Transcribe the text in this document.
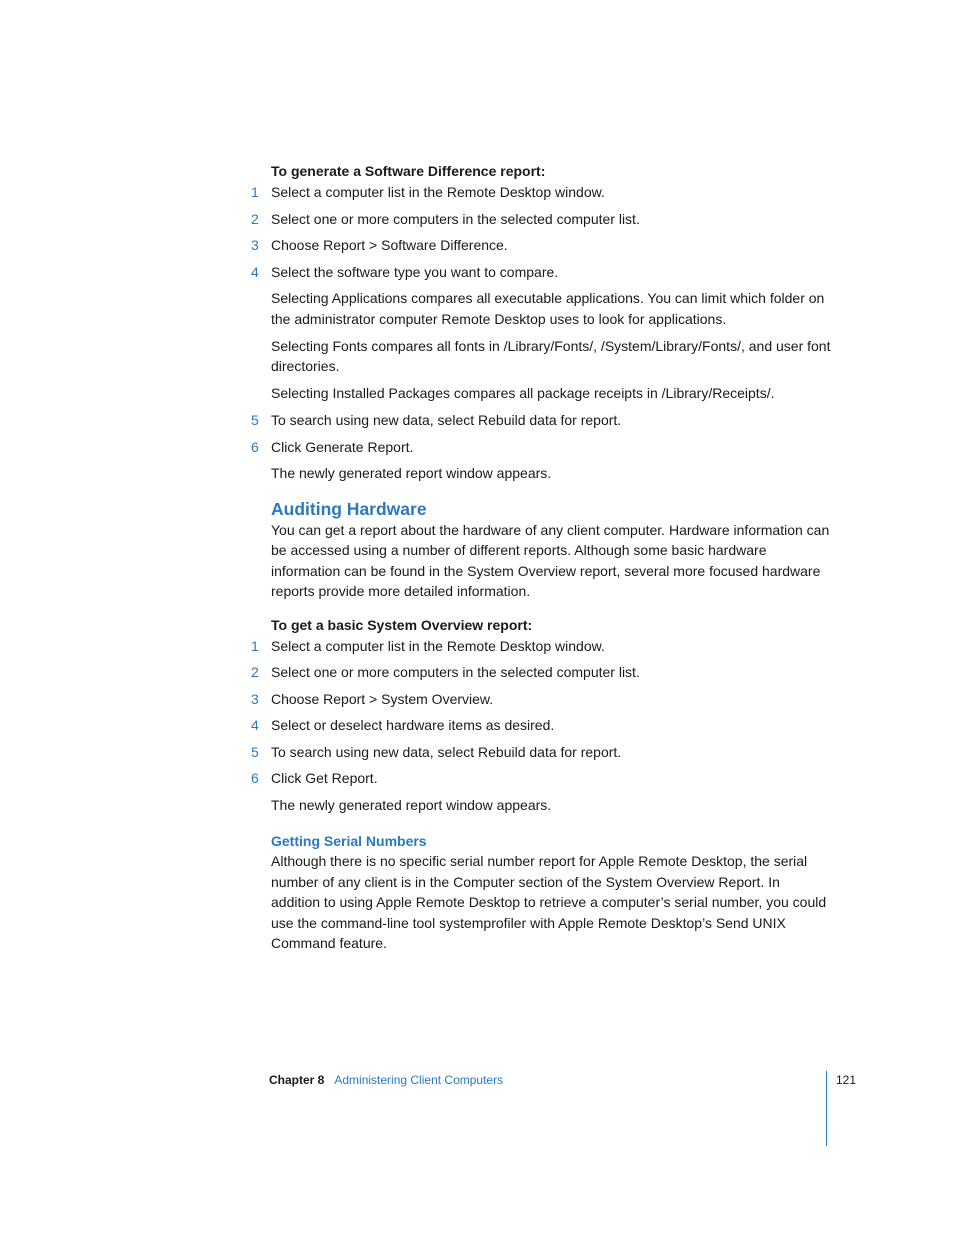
To generate a Software Difference report:

1 Select a computer list in the Remote Desktop window.
2 Select one or more computers in the selected computer list.
3 Choose Report > Software Difference.
4 Select the software type you want to compare.

Selecting Applications compares all executable applications. You can limit which folder on the administrator computer Remote Desktop uses to look for applications.

Selecting Fonts compares all fonts in /Library/Fonts/, /System/Library/Fonts/, and user font directories.

Selecting Installed Packages compares all package receipts in /Library/Receipts/.

5 To search using new data, select Rebuild data for report.
6 Click Generate Report.

The newly generated report window appears.

Auditing Hardware

You can get a report about the hardware of any client computer. Hardware information can be accessed using a number of different reports. Although some basic hardware information can be found in the System Overview report, several more focused hardware reports provide more detailed information.

To get a basic System Overview report:

1 Select a computer list in the Remote Desktop window.
2 Select one or more computers in the selected computer list.
3 Choose Report > System Overview.
4 Select or deselect hardware items as desired.
5 To search using new data, select Rebuild data for report.
6 Click Get Report.

The newly generated report window appears.

Getting Serial Numbers

Although there is no specific serial number report for Apple Remote Desktop, the serial number of any client is in the Computer section of the System Overview Report. In addition to using Apple Remote Desktop to retrieve a computer’s serial number, you could use the command-line tool systemprofiler with Apple Remote Desktop’s Send UNIX Command feature.

Chapter 8 Administering Client Computers	121
